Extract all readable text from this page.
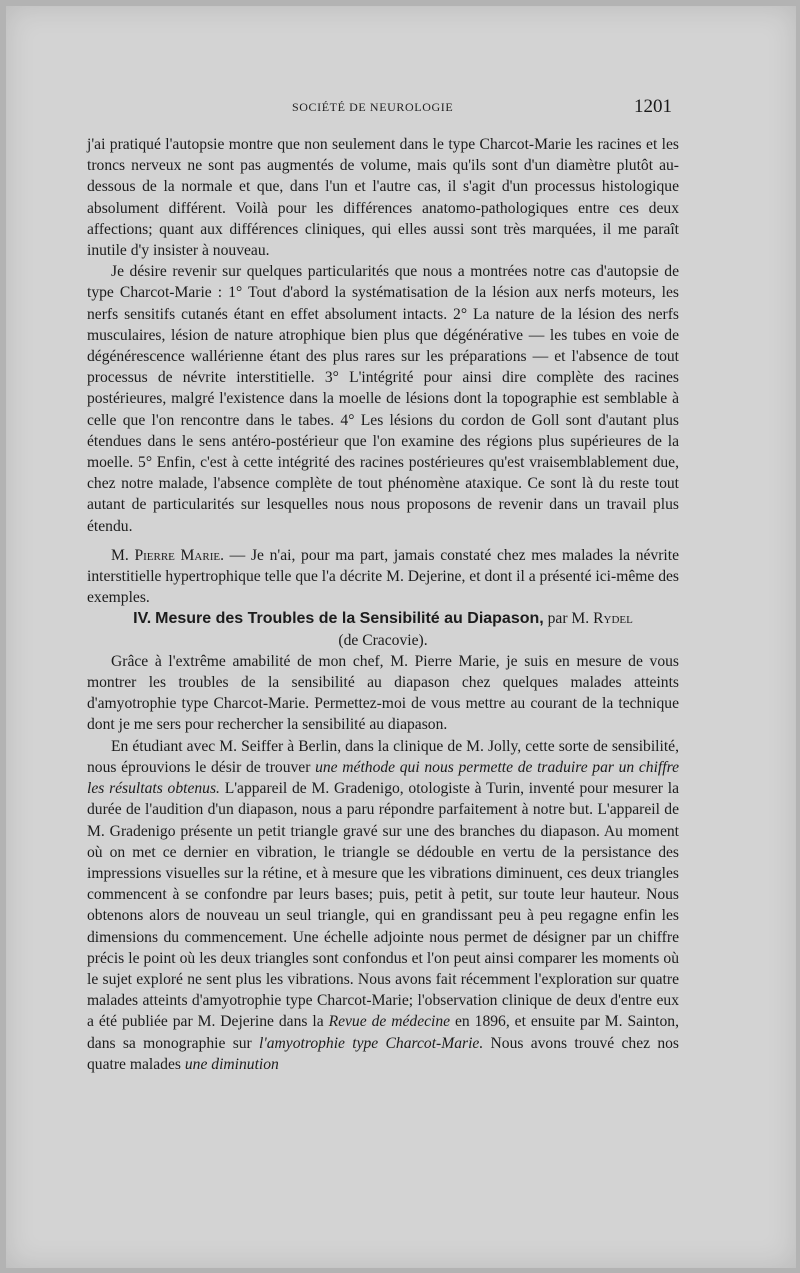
SOCIÉTÉ DE NEUROLOGIE	1201

j'ai pratiqué l'autopsie montre que non seulement dans le type Charcot-Marie les racines et les troncs nerveux ne sont pas augmentés de volume, mais qu'ils sont d'un diamètre plutôt au-dessous de la normale et que, dans l'un et l'autre cas, il s'agit d'un processus histologique absolument différent. Voilà pour les différences anatomo-pathologiques entre ces deux affections; quant aux différences cliniques, qui elles aussi sont très marquées, il me paraît inutile d'y insister à nouveau.

Je désire revenir sur quelques particularités que nous a montrées notre cas d'autopsie de type Charcot-Marie : 1° Tout d'abord la systématisation de la lésion aux nerfs moteurs, les nerfs sensitifs cutanés étant en effet absolument intacts. 2° La nature de la lésion des nerfs musculaires, lésion de nature atrophique bien plus que dégénérative — les tubes en voie de dégénérescence wallérienne étant des plus rares sur les préparations — et l'absence de tout processus de névrite interstitielle. 3° L'intégrité pour ainsi dire complète des racines postérieures, malgré l'existence dans la moelle de lésions dont la topographie est semblable à celle que l'on rencontre dans le tabes. 4° Les lésions du cordon de Goll sont d'autant plus étendues dans le sens antéro-postérieur que l'on examine des régions plus supérieures de la moelle. 5° Enfin, c'est à cette intégrité des racines postérieures qu'est vraisemblablement due, chez notre malade, l'absence complète de tout phénomène ataxique. Ce sont là du reste tout autant de particularités sur lesquelles nous nous proposons de revenir dans un travail plus étendu.

M. Pierre Marie. — Je n'ai, pour ma part, jamais constaté chez mes malades la névrite interstitielle hypertrophique telle que l'a décrite M. Dejerine, et dont il a présenté ici-même des exemples.

IV. Mesure des Troubles de la Sensibilité au Diapason, par M. Rydel
(de Cracovie).

Grâce à l'extrême amabilité de mon chef, M. Pierre Marie, je suis en mesure de vous montrer les troubles de la sensibilité au diapason chez quelques malades atteints d'amyotrophie type Charcot-Marie. Permettez-moi de vous mettre au courant de la technique dont je me sers pour rechercher la sensibilité au diapason.

En étudiant avec M. Seiffer à Berlin, dans la clinique de M. Jolly, cette sorte de sensibilité, nous éprouvions le désir de trouver une méthode qui nous permette de traduire par un chiffre les résultats obtenus. L'appareil de M. Gradenigo, otologiste à Turin, inventé pour mesurer la durée de l'audition d'un diapason, nous a paru répondre parfaitement à notre but. L'appareil de M. Gradenigo présente un petit triangle gravé sur une des branches du diapason. Au moment où on met ce dernier en vibration, le triangle se dédouble en vertu de la persistance des impressions visuelles sur la rétine, et à mesure que les vibrations diminuent, ces deux triangles commencent à se confondre par leurs bases; puis, petit à petit, sur toute leur hauteur. Nous obtenons alors de nouveau un seul triangle, qui en grandissant peu à peu regagne enfin les dimensions du commencement. Une échelle adjointe nous permet de désigner par un chiffre précis le point où les deux triangles sont confondus et l'on peut ainsi comparer les moments où le sujet exploré ne sent plus les vibrations. Nous avons fait récemment l'exploration sur quatre malades atteints d'amyotrophie type Charcot-Marie; l'observation clinique de deux d'entre eux a été publiée par M. Dejerine dans la Revue de médecine en 1896, et ensuite par M. Sainton, dans sa monographie sur l'amyotrophie type Charcot-Marie. Nous avons trouvé chez nos quatre malades une diminution
